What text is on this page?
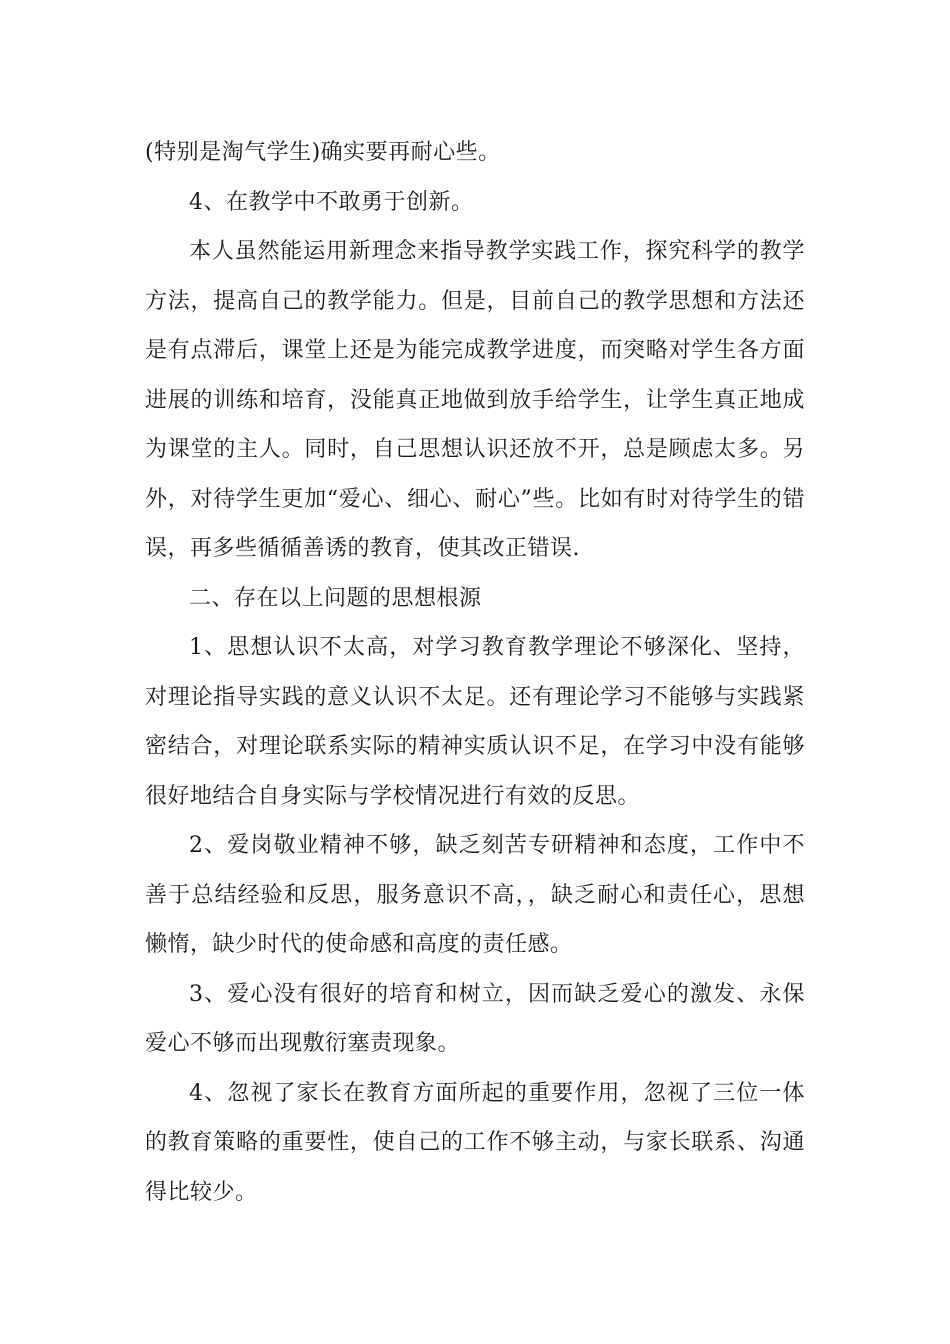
(特别是淘气学生)确实要再耐心些。

4、在教学中不敢勇于创新。

本人虽然能运用新理念来指导教学实践工作，探究科学的教学方法，提高自己的教学能力。但是，目前自己的教学思想和方法还是有点滞后，课堂上还是为能完成教学进度，而突略对学生各方面进展的训练和培育，没能真正地做到放手给学生，让学生真正地成为课堂的主人。同时，自己思想认识还放不开，总是顾虑太多。另外，对待学生更加“爱心、细心、耐心”些。比如有时对待学生的错误，再多些循循善诱的教育，使其改正错误.

二、存在以上问题的思想根源

1、思想认识不太高，对学习教育教学理论不够深化、坚持，对理论指导实践的意义认识不太足。还有理论学习不能够与实践紧密结合，对理论联系实际的精神实质认识不足，在学习中没有能够很好地结合自身实际与学校情况进行有效的反思。

2、爱岗敬业精神不够，缺乏刻苦专研精神和态度，工作中不善于总结经验和反思，服务意识不高，，缺乏耐心和责任心，思想懒惰，缺少时代的使命感和高度的责任感。

3、爱心没有很好的培育和树立，因而缺乏爱心的激发、永保爱心不够而出现敷衍塞责现象。

4、忽视了家长在教育方面所起的重要作用，忽视了三位一体的教育策略的重要性，使自己的工作不够主动，与家长联系、沟通得比较少。
